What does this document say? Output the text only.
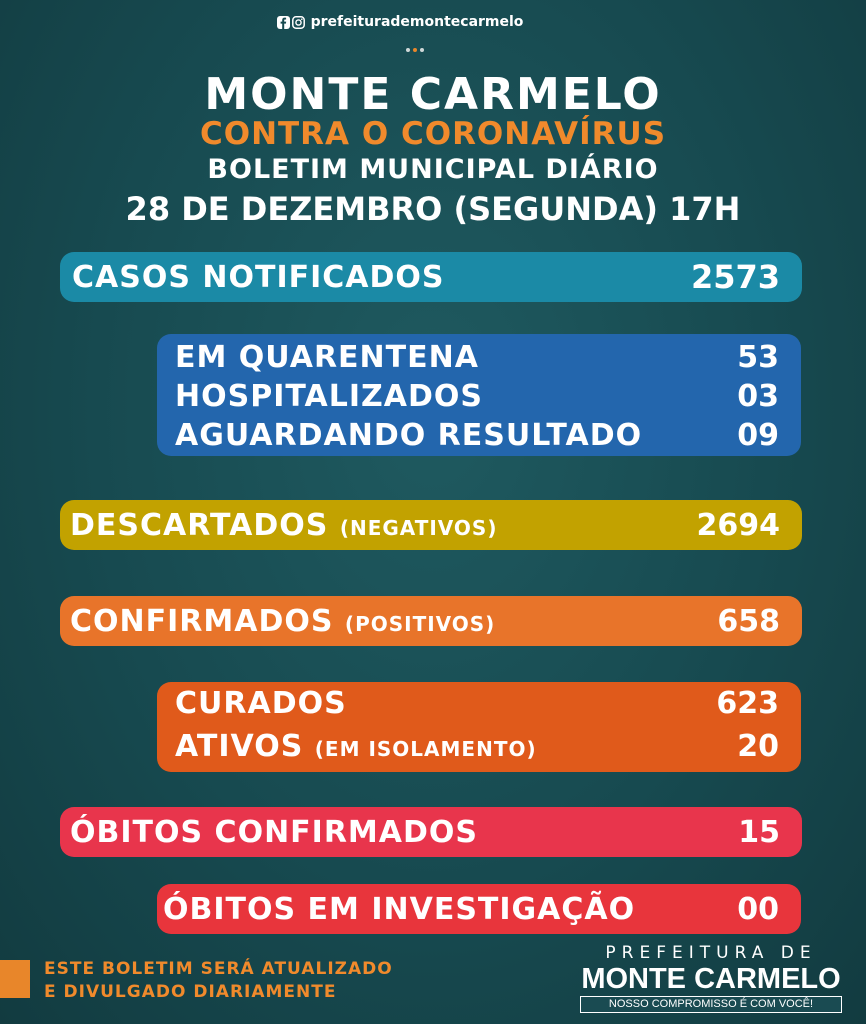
prefeiturademontecarmelo
MONTE CARMELO
CONTRA O CORONAVÍRUS
BOLETIM MUNICIPAL DIÁRIO
28 DE DEZEMBRO (SEGUNDA) 17H
CASOS NOTIFICADOS	2573
EM QUARENTENA	53
HOSPITALIZADOS	03
AGUARDANDO RESULTADO	09
DESCARTADOS (NEGATIVOS)	2694
CONFIRMADOS (POSITIVOS)	658
CURADOS	623
ATIVOS (EM ISOLAMENTO)	20
ÓBITOS CONFIRMADOS	15
ÓBITOS EM INVESTIGAÇÃO	00
ESTE BOLETIM SERÁ ATUALIZADO
E DIVULGADO DIARIAMENTE
PREFEITURA DE
MONTE CARMELO
NOSSO COMPROMISSO É COM VOCÊ!
